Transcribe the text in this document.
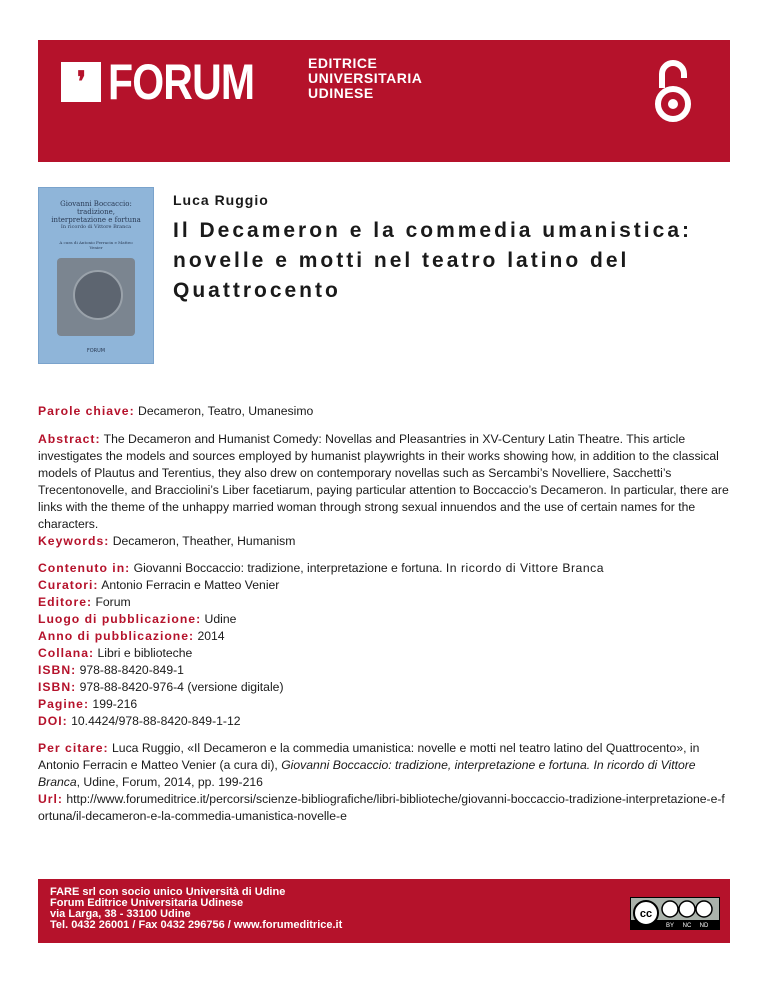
❜ FORUM	EDITRICE
UNIVERSITARIA
UDINESE
Giovanni Boccaccio:
tradizione,
interpretazione e fortuna
In ricordo di Vittore Branca
A cura di Antonio Ferracin e Matteo Venier
FORUM
Luca Ruggio
Il Decameron e la commedia umanistica:
novelle e motti nel teatro latino del
Quattrocento
Parole chiave: Decameron, Teatro, Umanesimo

Abstract: The Decameron and Humanist Comedy: Novellas and Pleasantries in XV-Century Latin Theatre. This article investigates the models and sources employed by humanist playwrights in their works showing how, in addition to the classical models of Plautus and Terentius, they also drew on contemporary novellas such as Sercambi’s Novelliere, Sacchetti’s Trecentonovelle, and Bracciolini’s Liber facetiarum, paying particular attention to Boccaccio’s Decameron. In particular, there are links with the theme of the unhappy married woman through strong sexual innuendos and the use of certain names for the characters.

Keywords: Decameron, Theather, Humanism

Contenuto in: Giovanni Boccaccio: tradizione, interpretazione e fortuna. In ricordo di Vittore Branca

Curatori: Antonio Ferracin e Matteo Venier

Editore: Forum

Luogo di pubblicazione: Udine

Anno di pubblicazione: 2014

Collana: Libri e biblioteche

ISBN: 978-88-8420-849-1

ISBN: 978-88-8420-976-4 (versione digitale)

Pagine: 199-216

DOI: 10.4424/978-88-8420-849-1-12

Per citare: Luca Ruggio, «Il Decameron e la commedia umanistica: novelle e motti nel teatro latino del Quattrocento», in Antonio Ferracin e Matteo Venier (a cura di), Giovanni Boccaccio: tradizione, interpretazione e fortuna. In ricordo di Vittore Branca, Udine, Forum, 2014, pp. 199-216

Url: http://www.forumeditrice.it/percorsi/scienze-bibliografiche/libri-biblioteche/giovanni-boccaccio-tradizione-interpretazione-e-fortuna/il-decameron-e-la-commedia-umanistica-novelle-e

FARE srl con socio unico Università di Udine
Forum Editrice Universitaria Udinese
via Larga, 38 - 33100 Udine
Tel. 0432 26001 / Fax 0432 296756 / www.forumeditrice.it
cc
BY NC ND
